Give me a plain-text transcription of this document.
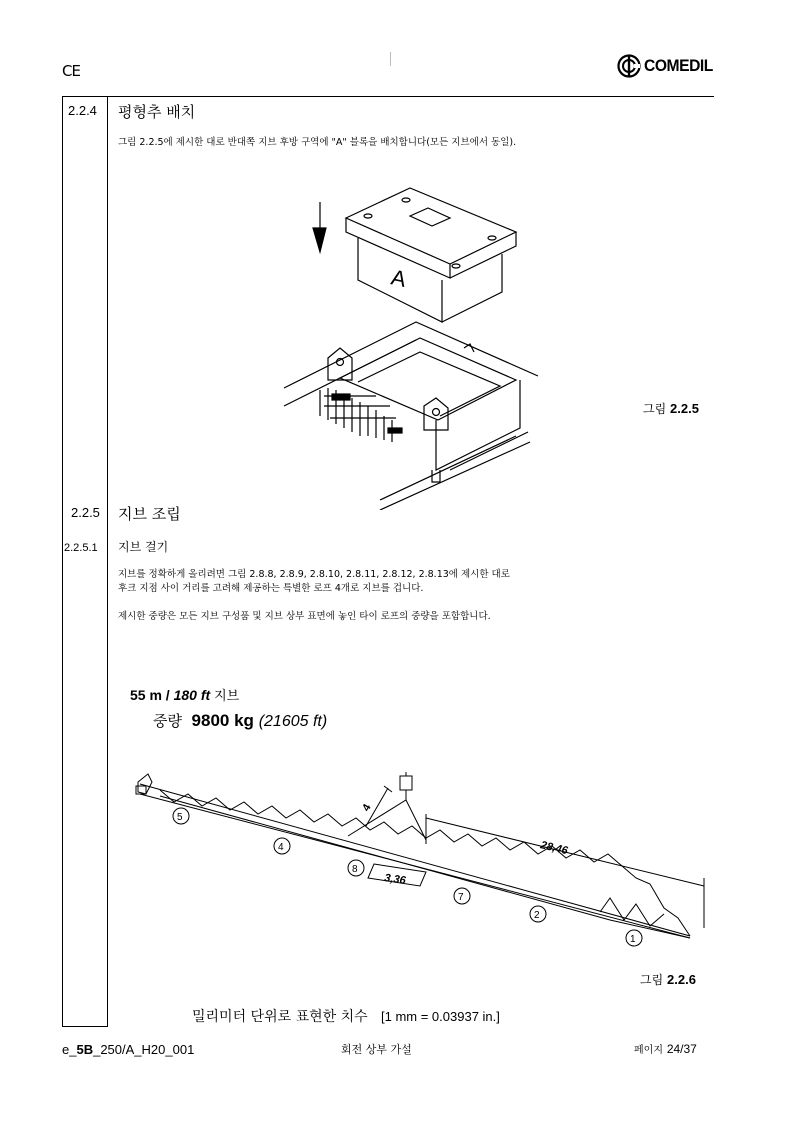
CE	COMEDIL
2.2.4 평형추 배치
그림 2.2.5에 제시한 대로 반대쪽 지브 후방 구역에 "A" 블록을 배치합니다(모든 지브에서 동일).
A
그림 2.2.5
2.2.5 지브 조립
2.2.5.1 지브 걸기
지브를 정확하게 올리려면 그림 2.8.8, 2.8.9, 2.8.10, 2.8.11, 2.8.12, 2.8.13에 제시한 대로
후크 지점 사이 거리를 고려해 제공하는 특별한 로프 4개로 지브를 겁니다.
제시한 중량은 모든 지브 구성품 및 지브 상부 표면에 놓인 타이 로프의 중량을 포함합니다.
55 m / 180 ft 지브
중량 9800 kg (21605 ft)
28,46
4
3,36
5
4
8
7
2
1
그림 2.2.6
밀리미터 단위로 표현한 치수 [1 mm = 0.03937 in.]
e_5B_250/A_H20_001	회전 상부 가설	페이지 24/37
